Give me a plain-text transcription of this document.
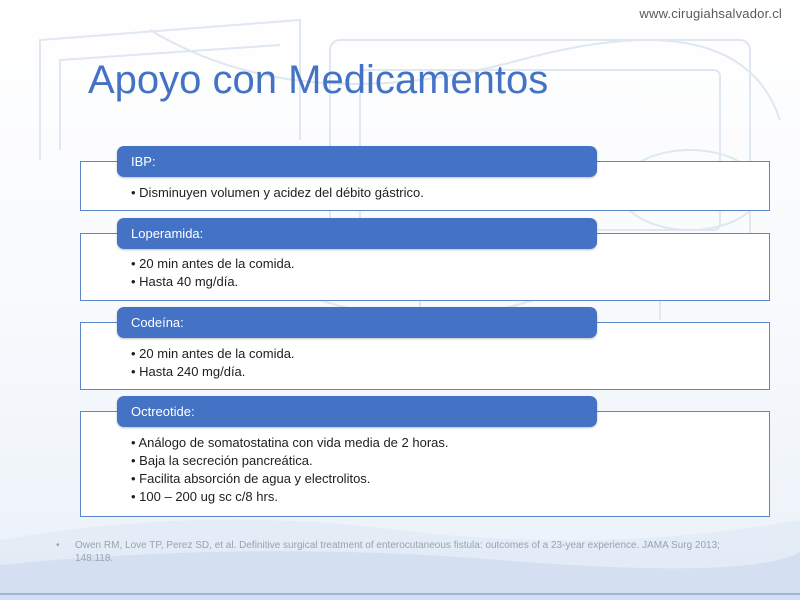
www.cirugiahsalvador.cl
Apoyo con Medicamentos
• Disminuyen volumen y acidez del débito gástrico.
IBP:
• 20 min antes de la comida.
• Hasta 40 mg/día.
Loperamida:
• 20 min antes de la comida.
• Hasta 240 mg/día.
Codeína:
• Análogo de somatostatina con vida media de 2 horas.
• Baja la secreción pancreática.
• Facilita absorción de agua y electrolitos.
• 100 – 200 ug sc c/8 hrs.
Octreotide:
•	Owen RM, Love TP, Perez SD, et al. Definitive surgical treatment of enterocutaneous fistula: outcomes of a 23-year experience. JAMA Surg 2013; 148:118.
